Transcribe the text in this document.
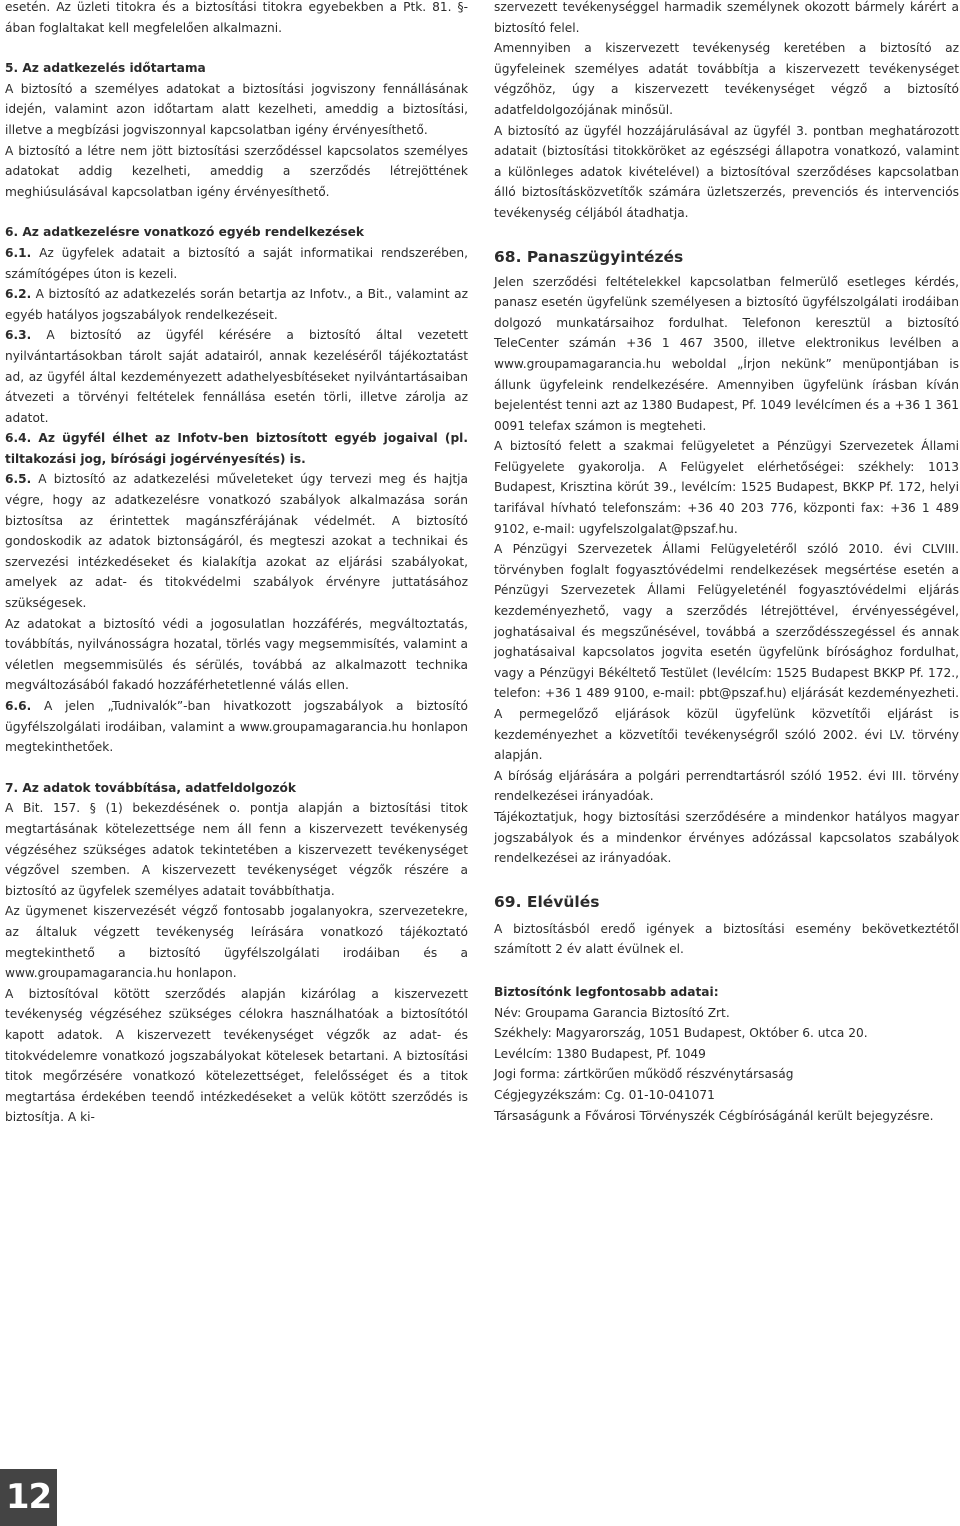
esetén. Az üzleti titokra és a biztosítási titokra egyebekben a Ptk. 81. §-ában foglaltakat kell megfelelően alkalmazni.

5. Az adatkezelés időtartama

A biztosító a személyes adatokat a biztosítási jogviszony fennállásának idején, valamint azon időtartam alatt kezelheti, ameddig a biztosítási, illetve a megbízási jogviszonnyal kapcsolatban igény érvényesíthető.

A biztosító a létre nem jött biztosítási szerződéssel kapcsolatos személyes adatokat addig kezelheti, ameddig a szerződés létrejöttének meghiúsulásával kapcsolatban igény érvényesíthető.

6. Az adatkezelésre vonatkozó egyéb rendelkezések

6.1. Az ügyfelek adatait a biztosító a saját informatikai rendszerében, számítógépes úton is kezeli.

6.2. A biztosító az adatkezelés során betartja az Infotv., a Bit., valamint az egyéb hatályos jogszabályok rendelkezéseit.

6.3. A biztosító az ügyfél kérésére a biztosító által vezetett nyilvántartásokban tárolt saját adatairól, annak kezeléséről tájékoztatást ad, az ügyfél által kezdeményezett adathelyesbítéseket nyilvántartásaiban átvezeti a törvényi feltételek fennállása esetén törli, illetve zárolja az adatot.

6.4. Az ügyfél élhet az Infotv-ben biztosított egyéb jogaival (pl. tiltakozási jog, bírósági jogérvényesítés) is.

6.5. A biztosító az adatkezelési műveleteket úgy tervezi meg és hajtja végre, hogy az adatkezelésre vonatkozó szabályok alkalmazása során biztosítsa az érintettek magánszférájának védelmét. A biztosító gondoskodik az adatok biztonságáról, és megteszi azokat a technikai és szervezési intézkedéseket és kialakítja azokat az eljárási szabályokat, amelyek az adat- és titokvédelmi szabályok érvényre juttatásához szükségesek.

Az adatokat a biztosító védi a jogosulatlan hozzáférés, megváltoztatás, továbbítás, nyilvánosságra hozatal, törlés vagy megsemmisítés, valamint a véletlen megsemmisülés és sérülés, továbbá az alkalmazott technika megváltozásából fakadó hozzáférhetetlenné válás ellen.

6.6. A jelen „Tudnivalók”-ban hivatkozott jogszabályok a biztosító ügyfélszolgálati irodáiban, valamint a www.groupamagarancia.hu honlapon megtekinthetőek.

7. Az adatok továbbítása, adatfeldolgozók

A Bit. 157. § (1) bekezdésének o. pontja alapján a biztosítási titok megtartásának kötelezettsége nem áll fenn a kiszervezett tevékenység végzéséhez szükséges adatok tekintetében a kiszervezett tevékenységet végzővel szemben. A kiszervezett tevékenységet végzők részére a biztosító az ügyfelek személyes adatait továbbíthatja.

Az ügymenet kiszervezését végző fontosabb jogalanyokra, szervezetekre, az általuk végzett tevékenység leírására vonatkozó tájékoztató megtekinthető a biztosító ügyfélszolgálati irodáiban és a www.groupamagarancia.hu honlapon.

A biztosítóval kötött szerződés alapján kizárólag a kiszervezett tevékenység végzéséhez szükséges célokra használhatóak a biztosítótól kapott adatok. A kiszervezett tevékenységet végzők az adat- és titokvédelemre vonatkozó jogszabályokat kötelesek betartani. A biztosítási titok megőrzésére vonatkozó kötelezettséget, felelősséget és a titok megtartása érdekében teendő intézkedéseket a velük kötött szerződés is biztosítja. A ki-

szervezett tevékenységgel harmadik személynek okozott bármely kárért a biztosító felel.

Amennyiben a kiszervezett tevékenység keretében a biztosító az ügyfeleinek személyes adatát továbbítja a kiszervezett tevékenységet végzőhöz, úgy a kiszervezett tevékenységet végző a biztosító adatfeldolgozójának minősül.

A biztosító az ügyfél hozzájárulásával az ügyfél 3. pontban meghatározott adatait (biztosítási titokköröket az egészségi állapotra vonatkozó, valamint a különleges adatok kivételével) a biztosítóval szerződéses kapcsolatban álló biztosításközvetítők számára üzletszerzés, prevenciós és intervenciós tevékenység céljából átadhatja.

68. Panaszügyintézés

Jelen szerződési feltételekkel kapcsolatban felmerülő esetleges kérdés, panasz esetén ügyfelünk személyesen a biztosító ügyfélszolgálati irodáiban dolgozó munkatársaihoz fordulhat. Telefonon keresztül a biztosító TeleCenter számán +36 1 467 3500, illetve elektronikus levélben a www.groupamagarancia.hu weboldal „Írjon nekünk” menüpontjában is állunk ügyfeleink rendelkezésére. Amennyiben ügyfelünk írásban kíván bejelentést tenni azt az 1380 Budapest, Pf. 1049 levélcímen és a +36 1 361 0091 telefax számon is megteheti.

A biztosító felett a szakmai felügyeletet a Pénzügyi Szervezetek Állami Felügyelete gyakorolja. A Felügyelet elérhetőségei: székhely: 1013 Budapest, Krisztina körút 39., levélcím: 1525 Budapest, BKKP Pf. 172, helyi tarifával hívható telefonszám: +36 40 203 776, központi fax: +36 1 489 9102, e-mail: ugyfelszolgalat@pszaf.hu.

A Pénzügyi Szervezetek Állami Felügyeletéről szóló 2010. évi CLVIII. törvényben foglalt fogyasztóvédelmi rendelkezések megsértése esetén a Pénzügyi Szervezetek Állami Felügyeleténél fogyasztóvédelmi eljárás kezdeményezhető, vagy a szerződés létrejöttével, érvényességével, joghatásaival és megszűnésével, továbbá a szerződésszegéssel és annak joghatásaival kapcsolatos jogvita esetén ügyfelünk bírósághoz fordulhat, vagy a Pénzügyi Békéltető Testület (levélcím: 1525 Budapest BKKP Pf. 172., telefon: +36 1 489 9100, e-mail: pbt@pszaf.hu) eljárását kezdeményezheti. A permegelőző eljárások közül ügyfelünk közvetítői eljárást is kezdeményezhet a közvetítői tevékenységről szóló 2002. évi LV. törvény alapján.

A bíróság eljárására a polgári perrendtartásról szóló 1952. évi III. törvény rendelkezései irányadóak.

Tájékoztatjuk, hogy biztosítási szerződésére a mindenkor hatályos magyar jogszabályok és a mindenkor érvényes adózással kapcsolatos szabályok rendelkezései az irányadóak.

69. Elévülés

A biztosításból eredő igények a biztosítási esemény bekövetkeztétől számított 2 év alatt évülnek el.

Biztosítónk legfontosabb adatai:

Név: Groupama Garancia Biztosító Zrt.

Székhely: Magyarország, 1051 Budapest, Október 6. utca 20.

Levélcím: 1380 Budapest, Pf. 1049

Jogi forma: zártkörűen működő részvénytársaság

Cégjegyzékszám: Cg. 01-10-041071

Társaságunk a Fővárosi Törvényszék Cégbíróságánál került bejegyzésre.

12
